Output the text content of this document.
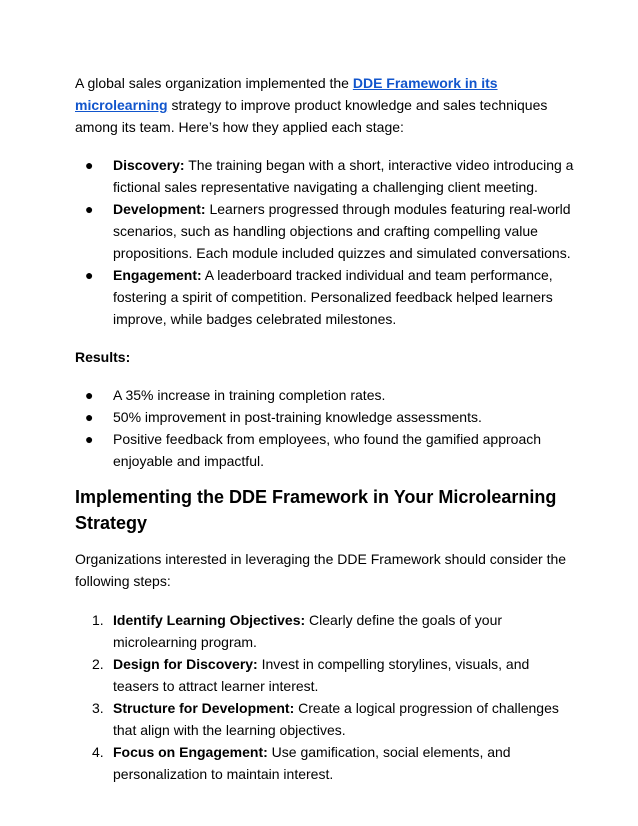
A global sales organization implemented the DDE Framework in its microlearning strategy to improve product knowledge and sales techniques among its team. Here’s how they applied each stage:

● Discovery: The training began with a short, interactive video introducing a fictional sales representative navigating a challenging client meeting.
● Development: Learners progressed through modules featuring real-world scenarios, such as handling objections and crafting compelling value propositions. Each module included quizzes and simulated conversations.
● Engagement: A leaderboard tracked individual and team performance, fostering a spirit of competition. Personalized feedback helped learners improve, while badges celebrated milestones.

Results:

● A 35% increase in training completion rates.
● 50% improvement in post-training knowledge assessments.
● Positive feedback from employees, who found the gamified approach enjoyable and impactful.
Implementing the DDE Framework in Your Microlearning Strategy

Organizations interested in leveraging the DDE Framework should consider the following steps:

1. Identify Learning Objectives: Clearly define the goals of your microlearning program.
2. Design for Discovery: Invest in compelling storylines, visuals, and teasers to attract learner interest.
3. Structure for Development: Create a logical progression of challenges that align with the learning objectives.
4. Focus on Engagement: Use gamification, social elements, and personalization to maintain interest.
